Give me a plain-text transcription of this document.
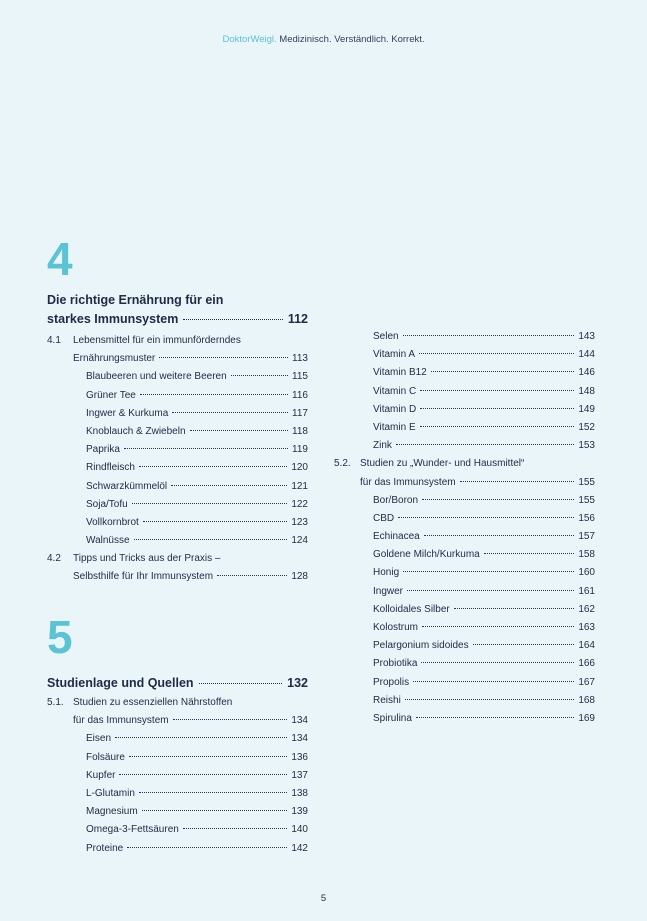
DoktorWeigl. Medizinisch. Verständlich. Korrekt.
4
Die richtige Ernährung für ein
starkes Immunsystem	112
4.1	Lebensmittel für ein immunförderndes
Ernährungsmuster	113
Blaubeeren und weitere Beeren	115
Grüner Tee	116
Ingwer & Kurkuma	117
Knoblauch & Zwiebeln	118
Paprika	119
Rindfleisch	120
Schwarzkümmelöl	121
Soja/Tofu	122
Vollkornbrot	123
Walnüsse	124
4.2	Tipps und Tricks aus der Praxis –
Selbsthilfe für Ihr Immunsystem	128
5
Studienlage und Quellen	132
5.1. Studien zu essenziellen Nährstoffen
für das Immunsystem	134
Eisen	134
Folsäure	136
Kupfer	137
L-Glutamin	138
Magnesium	139
Omega-3-Fettsäuren	140
Proteine	142
Selen	143
Vitamin A	144
Vitamin B12	146
Vitamin C	148
Vitamin D	149
Vitamin E	152
Zink	153
5.2. Studien zu „Wunder- und Hausmittel“
für das Immunsystem	155
Bor/Boron	155
CBD	156
Echinacea	157
Goldene Milch/Kurkuma	158
Honig	160
Ingwer	161
Kolloidales Silber	162
Kolostrum	163
Pelargonium sidoides	164
Probiotika	166
Propolis	167
Reishi	168
Spirulina	169
5
